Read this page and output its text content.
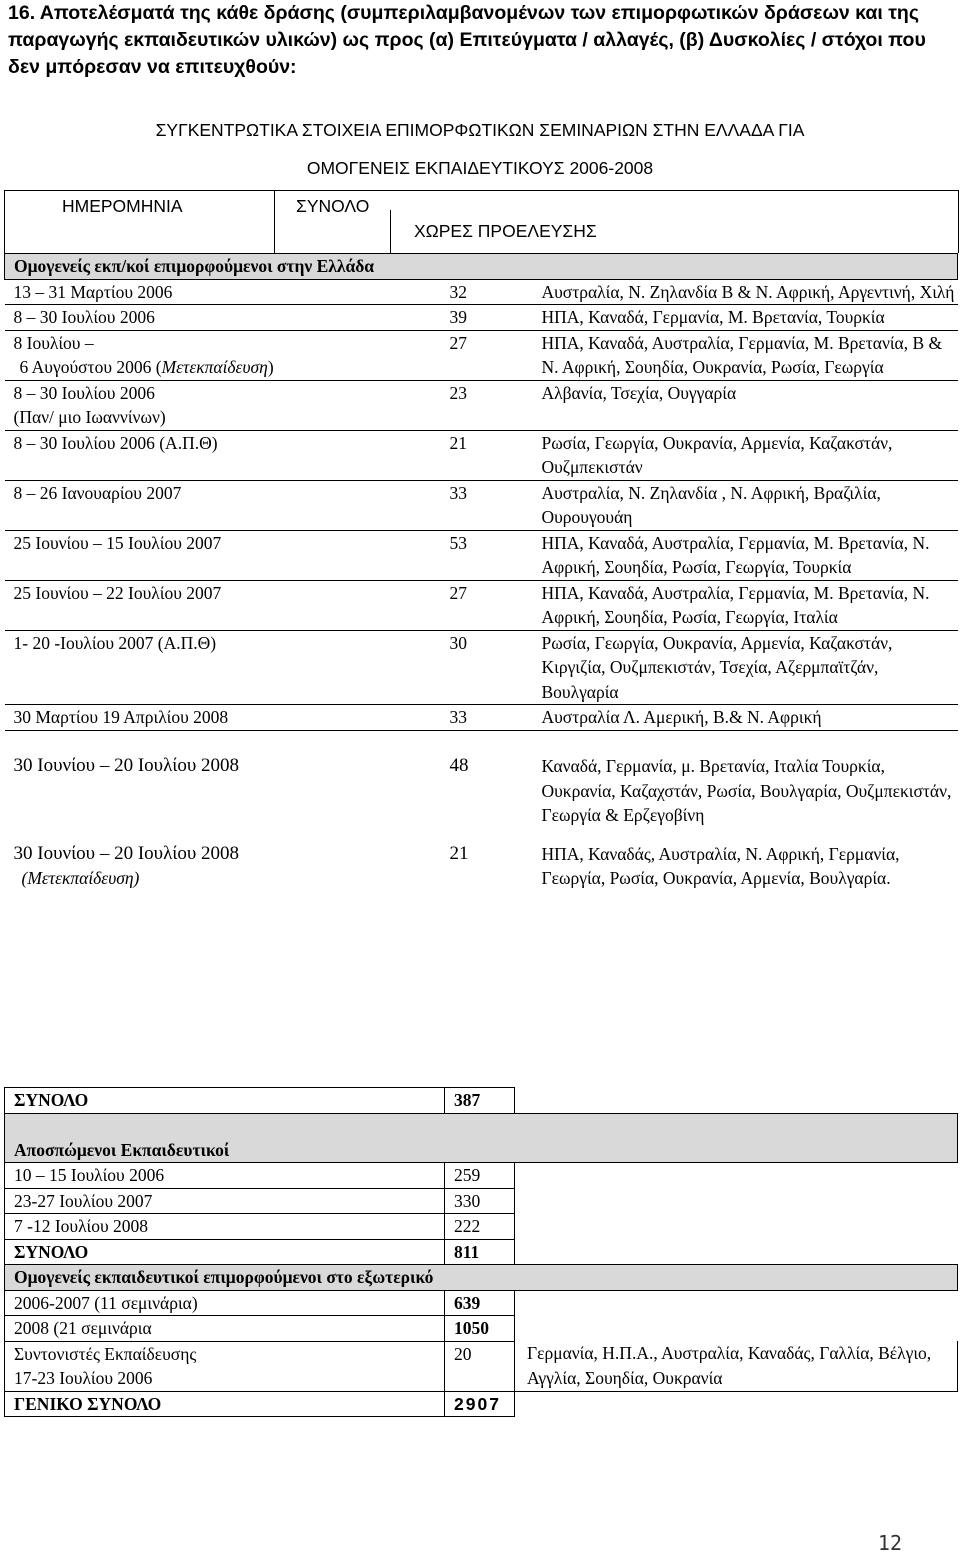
16. Αποτελέσματά της κάθε δράσης (συμπεριλαμβανομένων των επιμορφωτικών δράσεων και της παραγωγής εκπαιδευτικών υλικών) ως προς (α) Επιτεύγματα / αλλαγές, (β) Δυσκολίες / στόχοι που δεν μπόρεσαν να επιτευχθούν:
ΣΥΓΚΕΝΤΡΩΤΙΚΑ ΣΤΟΙΧΕΙΑ ΕΠΙΜΟΡΦΩΤΙΚΩΝ ΣΕΜΙΝΑΡΙΩΝ ΣΤΗΝ ΕΛΛΑΔΑ ΓΙΑ
ΟΜΟΓΕΝΕΙΣ ΕΚΠΑΙΔΕΥΤΙΚΟΥΣ 2006-2008
ΗΜΕΡΟΜΗΝΙΑ	ΣΥΝΟΛΟ
ΧΩΡΕΣ ΠΡΟΕΛΕΥΣΗΣ
Ομογενείς εκπ/κοί επιμορφούμενοι στην Ελλάδα		
13 – 31 Μαρτίου 2006	32	Αυστραλία, Ν. Ζηλανδία Β & Ν. Αφρική, Αργεντινή, Χιλή
8 – 30 Ιουλίου 2006	39	ΗΠΑ, Καναδά, Γερμανία, Μ. Βρετανία, Τουρκία

8 Ιουλίου –
6 Αυγούστου 2006 (Μετεκπαίδευση)	27	ΗΠΑ, Καναδά, Αυστραλία, Γερμανία, Μ. Βρετανία, Β & Ν. Αφρική, Σουηδία, Ουκρανία, Ρωσία, Γεωργία

8 – 30 Ιουλίου 2006
(Παν/ μιο Ιωαννίνων)	23	Αλβανία, Τσεχία, Ουγγαρία
8 – 30 Ιουλίου 2006 (Α.Π.Θ)	21	Ρωσία, Γεωργία, Ουκρανία, Αρμενία, Καζακστάν, Ουζμπεκιστάν
8 – 26 Ιανουαρίου 2007	33	Αυστραλία, Ν. Ζηλανδία , Ν. Αφρική, Βραζιλία, Ουρουγουάη
25 Ιουνίου – 15 Ιουλίου 2007	53	ΗΠΑ, Καναδά, Αυστραλία, Γερμανία, Μ. Βρετανία, Ν. Αφρική, Σουηδία, Ρωσία, Γεωργία, Τουρκία
25 Ιουνίου – 22 Ιουλίου 2007	27	ΗΠΑ, Καναδά, Αυστραλία, Γερμανία, Μ. Βρετανία, Ν. Αφρική, Σουηδία, Ρωσία, Γεωργία, Ιταλία
1- 20 -Ιουλίου 2007 (Α.Π.Θ)	30	Ρωσία, Γεωργία, Ουκρανία, Αρμενία, Καζακστάν, Κιργιζία, Ουζμπεκιστάν, Τσεχία, Αζερμπαϊτζάν, Βουλγαρία
30 Μαρτίου 19 Απριλίου 2008	33	Αυστραλία Λ. Αμερική, Β.& Ν. Αφρική

30 Ιουνίου – 20 Ιουλίου 2008	48	Καναδά, Γερμανία, μ. Βρετανία, Ιταλία Τουρκία, Ουκρανία, Καζαχστάν, Ρωσία, Βουλγαρία, Ουζμπεκιστάν, Γεωργία & Ερζεγοβίνη

30 Ιουνίου – 20 Ιουλίου 2008
(Μετεκπαίδευση)	21	ΗΠΑ, Καναδάς, Αυστραλία, Ν. Αφρική, Γερμανία, Γεωργία, Ρωσία, Ουκρανία, Αρμενία, Βουλγαρία.
ΣΥΝΟΛΟ	387	
Αποσπώμενοι Εκπαιδευτικοί		
10 – 15 Ιουλίου 2006	259	
23-27 Ιουλίου 2007	330	
7 -12 Ιουλίου 2008	222	
ΣΥΝΟΛΟ	811	
Ομογενείς εκπαιδευτικοί επιμορφούμενοι στο εξωτερικό		
2006-2007 (11 σεμινάρια)	639	
2008 (21 σεμινάρια	1050	

Συντονιστές Εκπαίδευσης
17-23 Ιουλίου 2006	20	Γερμανία, Η.Π.Α., Αυστραλία, Καναδάς, Γαλλία, Βέλγιο, Αγγλία, Σουηδία, Ουκρανία
ΓΕΝΙΚΟ ΣΥΝΟΛΟ	2907	
12
